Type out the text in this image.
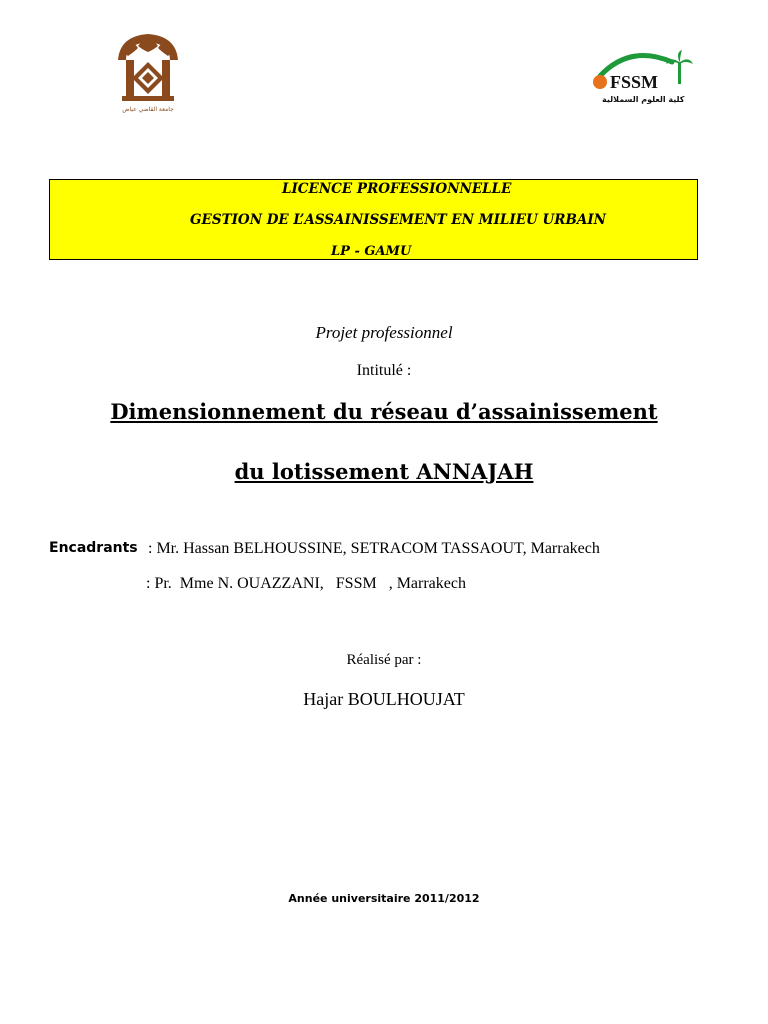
جامعة القاضي عياض
FSSM
كلية العلوم السملالية
LICENCE PROFESSIONNELLE
GESTION DE L’ASSAINISSEMENT EN MILIEU URBAIN
LP - GAMU
Projet professionnel
Intitulé :
Dimensionnement du réseau d’assainissement
du lotissement ANNAJAH
Encadrants : Mr. Hassan BELHOUSSINE, SETRACOM TASSAOUT, Marrakech
: Pr.  Mme N. OUAZZANI,   FSSM   , Marrakech
Réalisé par :
Hajar BOULHOUJAT
Année universitaire 2011/2012
